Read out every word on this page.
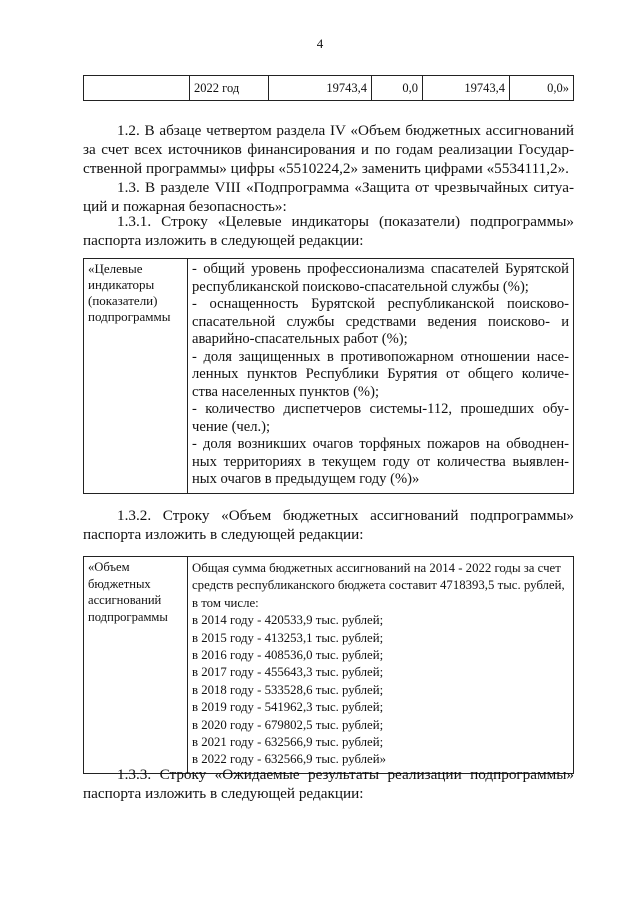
4
	2022 год	19743,4	0,0	19743,4	0,0»
1.2. В абзаце четвертом раздела IV «Объем бюджетных ассигнований
за счет всех источников финансирования и по годам реализации Государ-
ственной программы» цифры «5510224,2» заменить цифрами «5534111,2».
1.3. В разделе VIII «Подпрограмма «Защита от чрезвычайных ситуа-
ций и пожарная безопасность»:
1.3.1. Строку «Целевые индикаторы (показатели) подпрограммы»
паспорта изложить в следующей редакции:
«Целевые
индикаторы
(показатели)
подпрограммы

- общий уровень профессионализма спасателей Бурятской
республиканской поисково-спасательной службы (%);
- оснащенность Бурятской республиканской поисково-
спасательной службы средствами ведения поисково- и
аварийно-спасательных работ (%);
- доля защищенных в противопожарном отношении насе-
ленных пунктов Республики Бурятия от общего количе-
ства населенных пунктов (%);
- количество диспетчеров системы-112, прошедших обу-
чение (чел.);
- доля возникших очагов торфяных пожаров на обводнен-
ных территориях в текущем году от количества выявлен-
ных очагов в предыдущем году (%)»
1.3.2. Строку «Объем бюджетных ассигнований подпрограммы»
паспорта изложить в следующей редакции:
«Объем
бюджетных
ассигнований
подпрограммы

Общая сумма бюджетных ассигнований на 2014 - 2022 годы за счет
средств республиканского бюджета составит 4718393,5 тыс. рублей,
в том числе:
в 2014 году - 420533,9 тыс. рублей;
в 2015 году - 413253,1 тыс. рублей;
в 2016 году - 408536,0 тыс. рублей;
в 2017 году - 455643,3 тыс. рублей;
в 2018 году - 533528,6 тыс. рублей;
в 2019 году - 541962,3 тыс. рублей;
в 2020 году - 679802,5 тыс. рублей;
в 2021 году - 632566,9 тыс. рублей;
в 2022 году - 632566,9 тыс. рублей»
1.3.3. Строку «Ожидаемые результаты реализации подпрограммы»
паспорта изложить в следующей редакции:
